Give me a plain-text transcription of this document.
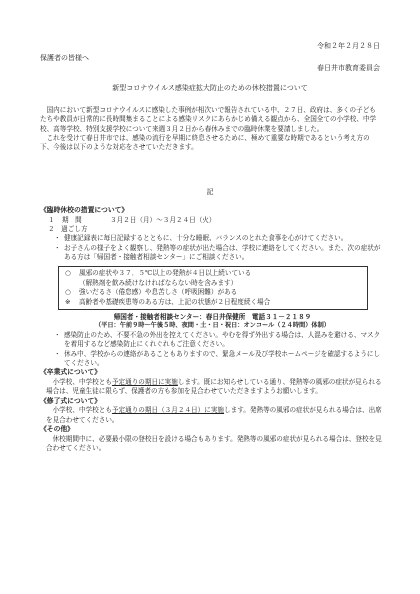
令和２年２月２８日
保護者の皆様へ
春日井市教育委員会
新型コロナウイルス感染症拡大防止のための休校措置について

国内において新型コロナウイルスに感染した事例が相次いで報告されている中、２７日、政府は、多くの子どもたちや教員が日常的に長時間集まることによる感染リスクにあらかじめ備える観点から、全国全ての小学校、中学校、高等学校、特別支援学校について来週３月２日から春休みまでの臨時休業を要請しました。

これを受けて春日井市では、感染の流行を早期に終息させるために、極めて重要な時期であるという考え方の下、今後は以下のような対応をさせていただきます。

記
《臨時休校の措置について》
１	期　間	３月２日（月）～３月２４日（火）
２　過ごし方
・ 健康記録表に毎日記録するとともに、十分な睡眠、バランスのとれた食事を心がけてください。
・ お子さんの様子をよく観察し、発熱等の症状が出た場合は、学校に連絡をしてください。また、次の症状がある方は「帰国者・接触者相談センター」にご相談ください。
○	風邪の症状や３７．５℃以上の発熱が４日以上続いている
（解熱剤を飲み続けなければならない時を含みます）
○	強いだるさ（倦怠感）や息苦しさ（呼吸困難）がある
※	高齢者や基礎疾患等のある方は、上記の状態が２日程度続く場合
帰国者・接触者相談センター：春日井保健所　電話３１－２１８９
（平日：午前９時～午後５時、夜間・土・日・祝日：オンコール（２４時間）体制）
・ 感染防止のため、不要不急の外出を控えてください。やむを得ず外出する場合は、人混みを避ける、マスクを着用するなど感染防止にくれぐれもご注意ください。
・ 休み中、学校からの連絡があることもありますので、緊急メール及び学校ホームページを確認するようにしてください。
《卒業式について》
小学校、中学校とも予定通りの期日に実施します。既にお知らせしている通り、発熱等の風邪の症状が見られる場合は、児童生徒に限らず、保護者の方も参加を見合わせていただきますようお願いします。
《修了式について》
小学校、中学校とも予定通りの期日（３月２４日）に実施します。発熱等の風邪の症状が見られる場合は、出席を見合わせてください。
《その他》
休校期間中に、必要最小限の登校日を設ける場合もあります。発熱等の風邪の症状が見られる場合は、登校を見合わせてください。
